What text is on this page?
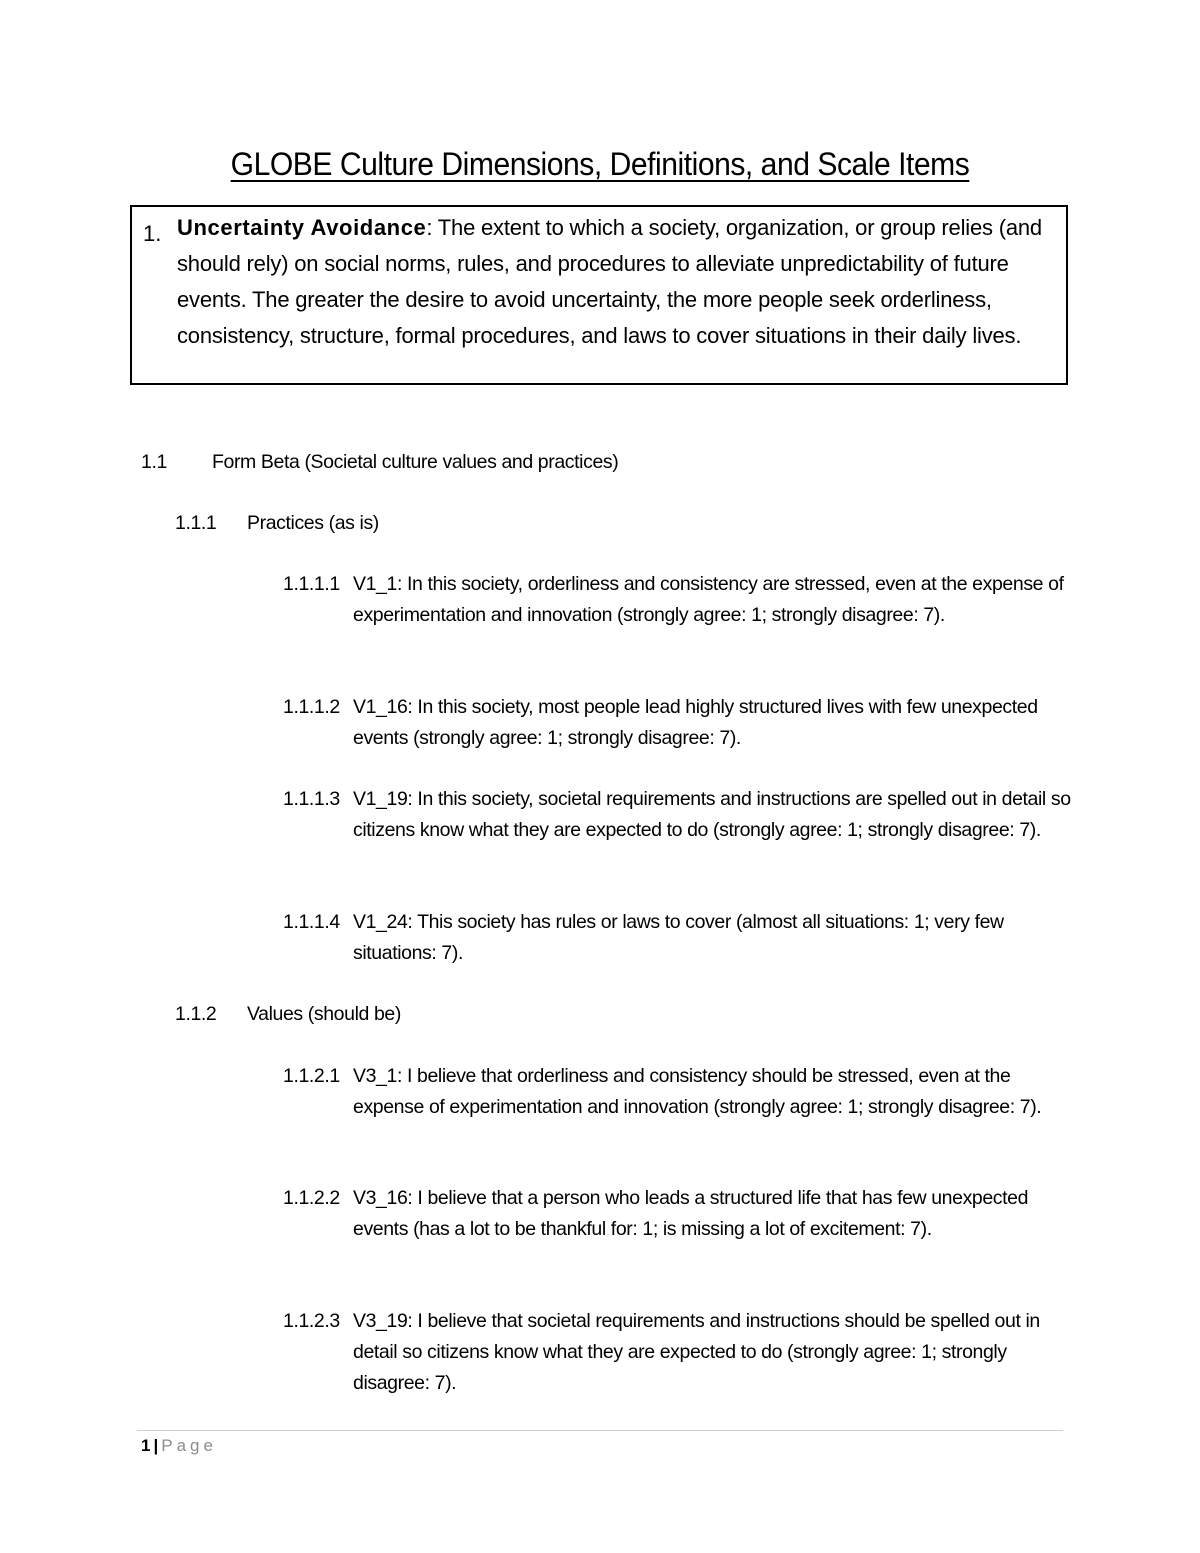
GLOBE Culture Dimensions, Definitions, and Scale Items
1. Uncertainty Avoidance: The extent to which a society, organization, or group relies (and should rely) on social norms, rules, and procedures to alleviate unpredictability of future events. The greater the desire to avoid uncertainty, the more people seek orderliness, consistency, structure, formal procedures, and laws to cover situations in their daily lives.
1.1 Form Beta (Societal culture values and practices)
1.1.1 Practices (as is)
1.1.1.1 V1_1: In this society, orderliness and consistency are stressed, even at the expense of experimentation and innovation (strongly agree: 1; strongly disagree: 7).
1.1.1.2 V1_16: In this society, most people lead highly structured lives with few unexpected events (strongly agree: 1; strongly disagree: 7).
1.1.1.3 V1_19: In this society, societal requirements and instructions are spelled out in detail so citizens know what they are expected to do (strongly agree: 1; strongly disagree: 7).
1.1.1.4 V1_24: This society has rules or laws to cover (almost all situations: 1; very few situations: 7).
1.1.2 Values (should be)
1.1.2.1 V3_1: I believe that orderliness and consistency should be stressed, even at the expense of experimentation and innovation (strongly agree: 1; strongly disagree: 7).
1.1.2.2 V3_16: I believe that a person who leads a structured life that has few unexpected events (has a lot to be thankful for: 1; is missing a lot of excitement: 7).
1.1.2.3 V3_19: I believe that societal requirements and instructions should be spelled out in detail so citizens know what they are expected to do (strongly agree: 1; strongly disagree: 7).
1 | Page
